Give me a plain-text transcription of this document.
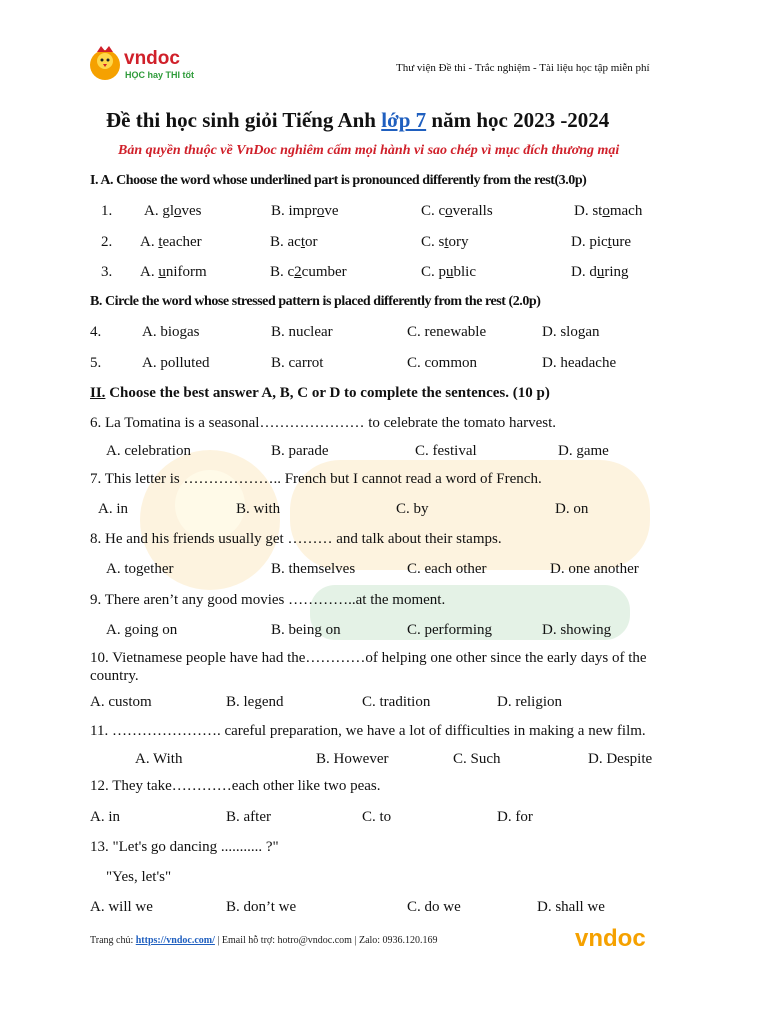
vndoc
HỌC hay THI tốt
Thư viện Đề thi - Trắc nghiệm - Tài liệu học tập miễn phí
Đề thi học sinh giỏi Tiếng Anh lớp 7 năm học 2023 -2024
Bản quyền thuộc về VnDoc nghiêm cấm mọi hành vi sao chép vì mục đích thương mại
I. A. Choose the word whose underlined part is pronounced differently from the rest(3.0p)
1. A. gloves	B. improve	C. coveralls	D. stomach
2. A. teacher	B. actor	C. story	D. picture
3. A. uniform	B. c2cumber	C. public	D. during
B. Circle the word whose stressed pattern is placed differently from the rest (2.0p)
4.	A. biogas	B. nuclear	C. renewable	D. slogan
5.	A. polluted	B. carrot	C. common	D. headache
II. Choose the best answer A, B, C or D to complete the sentences. (10 p)
6. La Tomatina is a seasonal………………… to celebrate the tomato harvest.
A. celebration	B. parade	C. festival	D. game
7. This letter is ……………….. French but I cannot read a word of French.
A. in	B. with	C. by	D. on
8. He and his friends usually get ……… and talk about their stamps.
A. together	B. themselves	C. each other	D. one another
9. There aren’t any good movies …………..at the moment.
A. going on	B. being on	C. performing	D. showing
10. Vietnamese people have had the…………of helping one other since the early days of the
country.
A. custom	B. legend	C. tradition	D. religion
11. …………………. careful preparation, we have a lot of difficulties in making a new film.
A. With	B. However	C. Such	D. Despite
12. They take…………each other like two peas.
A. in	B. after	C. to	D. for
13. "Let's go dancing ........... ?"
"Yes, let's"
A. will we	B. don’t we	C. do we	D. shall we
Trang chủ: https://vndoc.com/ | Email hỗ trợ: hotro@vndoc.com | Zalo: 0936.120.169	vndoc
